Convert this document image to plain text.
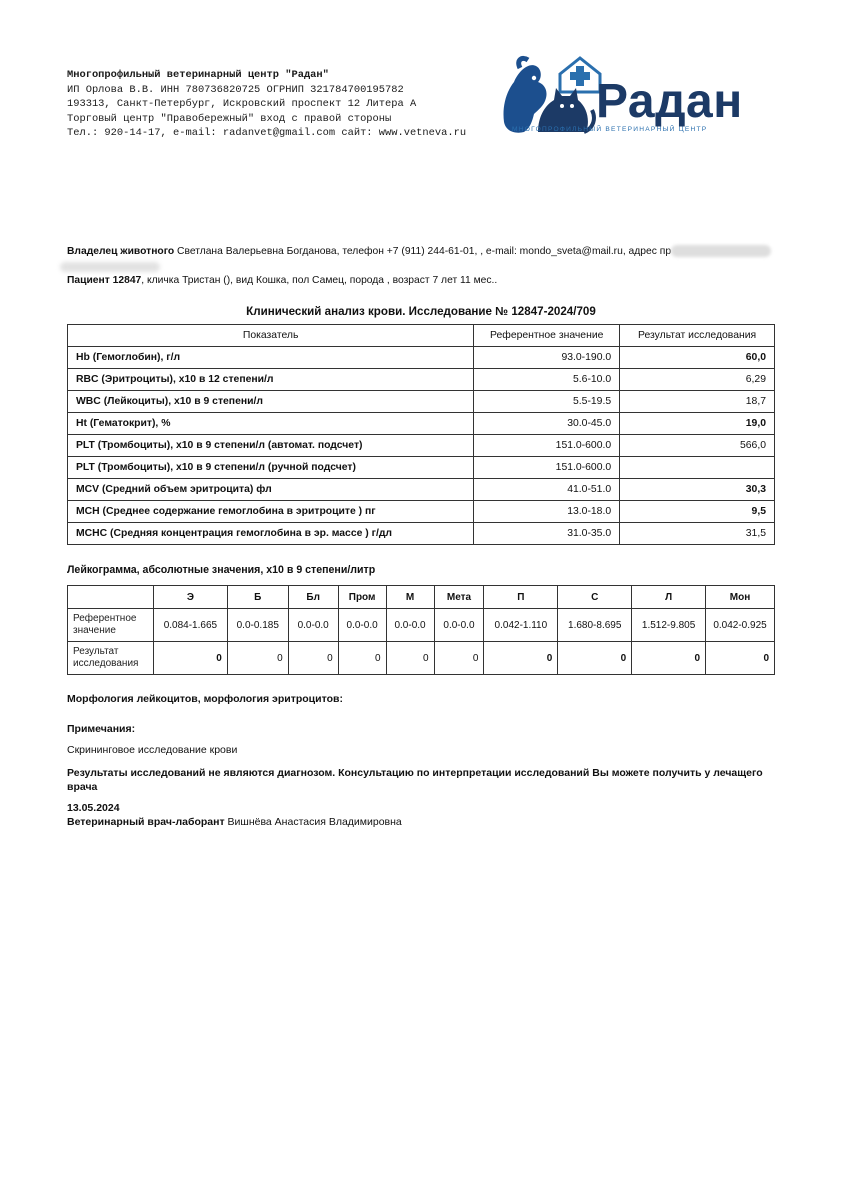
Многопрофильный ветеринарный центр "Радан"
ИП Орлова В.В. ИНН 780736820725 ОГРНИП 321784700195782
193313, Санкт-Петербург, Искровский проспект 12 Литера А
Торговый центр "Правобережный" вход с правой стороны
Тел.: 920-14-17, e-mail: radanvet@gmail.com сайт: www.vetneva.ru
Радан
МНОГОПРОФИЛЬНЫЙ ВЕТЕРИНАРНЫЙ ЦЕНТР
Владелец животного Светлана Валерьевна Богданова, телефон +7 (911) 244-61-01, , e-mail: mondo_sveta@mail.ru, адрес пр
Пациент 12847, кличка Тристан (), вид Кошка, пол Самец, порода , возраст 7 лет 11 мес..
Клинический анализ крови. Исследование № 12847-2024/709
Показатель	Референтное значение	Результат исследования
Hb (Гемоглобин), г/л	93.0-190.0	60,0
RBC (Эритроциты), x10 в 12 степени/л	5.6-10.0	6,29
WBC (Лейкоциты), x10 в 9 степени/л	5.5-19.5	18,7
Ht (Гематокрит), %	30.0-45.0	19,0
PLT (Тромбоциты), x10 в 9 степени/л (автомат. подсчет)	151.0-600.0	566,0
PLT (Тромбоциты), x10 в 9 степени/л (ручной подсчет)	151.0-600.0	
MCV (Средний объем эритроцита) фл	41.0-51.0	30,3
MCH (Среднее содержание гемоглобина в эритроците ) пг	13.0-18.0	9,5
MCHC (Средняя концентрация гемоглобина в эр. массе ) г/дл	31.0-35.0	31,5
Лейкограмма, абсолютные значения, x10 в 9 степени/литр
	Э	Б	Бл	Пром	М	Мета	П	С	Л	Мон
Референтное значение	0.084-1.665	0.0-0.185	0.0-0.0	0.0-0.0	0.0-0.0	0.0-0.0	0.042-1.110	1.680-8.695	1.512-9.805	0.042-0.925
Результат исследования	0	0	0	0	0	0	0	0	0	0
Морфология лейкоцитов, морфология эритроцитов:
Примечания:
Скрининговое исследование крови
Результаты исследований не являются диагнозом. Консультацию по интерпретации исследований Вы можете получить у лечащего врача
13.05.2024
Ветеринарный врач-лаборант Вишнёва Анастасия Владимировна
